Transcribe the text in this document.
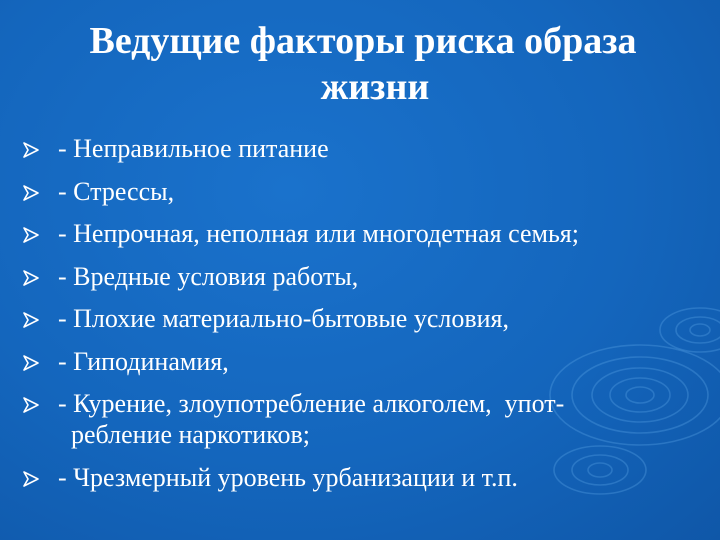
Ведущие факторы риска образа
жизни
- Неправильное питание
- Стрессы,
- Непрочная, неполная или многодетная семья;
- Вредные условия работы,
- Плохие материально-бытовые условия,
- Гиподинамия,
- Курение, злоупотребление алкоголем,  упот-
ребление наркотиков;
- Чрезмерный уровень урбанизации и т.п.
